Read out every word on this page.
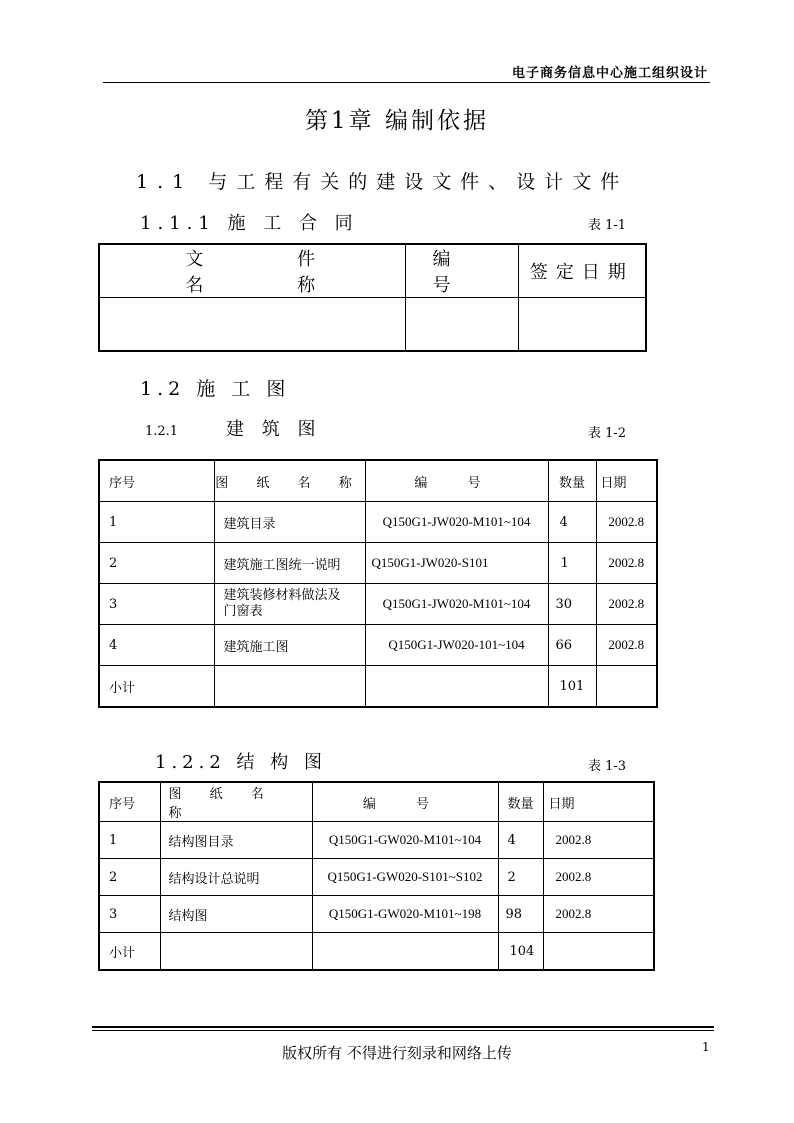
电子商务信息中心施工组织设计
第1章 编制依据
1.1 与工程有关的建设文件、设计文件
1.1.1 施 工 合 同	表 1-1
文 件 名 称	编 号	签定日期

1.2 施 工 图
1.2.1	建 筑 图	表 1-2
序号	图 纸 名 称	编 号	数量	日期
1	建筑目录	Q150G1-JW020-M101~104	4	2002.8
2	建筑施工图统一说明	Q150G1-JW020-S101	1	2002.8
3	建筑装修材料做法及门窗表	Q150G1-JW020-M101~104	30	2002.8
4	建筑施工图	Q150G1-JW020-101~104	66	2002.8
小计			101	
1.2.2 结 构 图	表 1-3
序号	图 纸 名 称	编 号	数量	日期
1	结构图目录	Q150G1-GW020-M101~104	4	2002.8
2	结构设计总说明	Q150G1-GW020-S101~S102	2	2002.8
3	结构图	Q150G1-GW020-M101~198	98	2002.8
小计			104	
版权所有 不得进行刻录和网络上传	1
